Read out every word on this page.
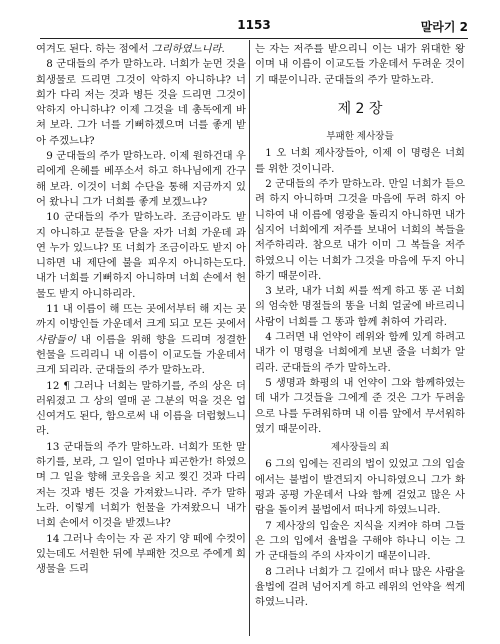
1153	말라기 2

여겨도 된다. 하는 점에서 그리하였느니라.

8 군대들의 주가 말하노라. 너희가 눈먼 것을 희생물로 드리면 그것이 악하지 아니하냐? 너희가 다리 저는 것과 병든 것을 드리면 그것이 악하지 아니하냐? 이제 그것을 네 총독에게 바쳐 보라. 그가 너를 기뻐하겠으며 너를 좋게 받아 주겠느냐?

9 군대들의 주가 말하노라. 이제 원하건대 우리에게 은혜를 베푸소서 하고 하나님에게 간구해 보라. 이것이 너희 수단을 통해 지금까지 있어 왔나니 그가 너희를 좋게 보겠느냐?

10 군대들의 주가 말하노라. 조금이라도 받지 아니하고 문들을 닫을 자가 너희 가운데 과연 누가 있느냐? 또 너희가 조금이라도 받지 아니하면 내 제단에 불을 피우지 아니하는도다. 내가 너희를 기뻐하지 아니하며 너희 손에서 헌물도 받지 아니하리라.

11 내 이름이 해 뜨는 곳에서부터 해 지는 곳까지 이방인들 가운데서 크게 되고 모든 곳에서 사람들이 내 이름을 위해 향을 드리며 정결한 헌물을 드리리니 내 이름이 이교도들 가운데서 크게 되리라. 군대들의 주가 말하노라.

12 ¶ 그러나 너희는 말하기를, 주의 상은 더러워졌고 그 상의 열매 곧 그분의 먹을 것은 업신여겨도 된다, 함으로써 내 이름을 더럽혔느니라.

13 군대들의 주가 말하노라. 너희가 또한 말하기를, 보라, 그 일이 얼마나 피곤한가! 하였으며 그 일을 향해 코웃음을 치고 찢긴 것과 다리 저는 것과 병든 것을 가져왔느니라. 주가 말하노라. 이렇게 너희가 헌물을 가져왔으니 내가 너희 손에서 이것을 받겠느냐?

14 그러나 속이는 자 곧 자기 양 떼에 수컷이 있는데도 서원한 뒤에 부패한 것으로 주에게 희생물을 드리

는 자는 저주를 받으리니 이는 내가 위대한 왕이며 내 이름이 이교도들 가운데서 두려운 것이기 때문이니라. 군대들의 주가 말하노라.

제 2 장
부패한 제사장들

1 오 너희 제사장들아, 이제 이 명령은 너희를 위한 것이니라.

2 군대들의 주가 말하노라. 만일 너희가 듣으려 하지 아니하며 그것을 마음에 두려 하지 아니하여 내 이름에 영광을 돌리지 아니하면 내가 심지어 너희에게 저주를 보내어 너희의 복들을 저주하리라. 참으로 내가 이미 그 복들을 저주하였으니 이는 너희가 그것을 마음에 두지 아니하기 때문이라.

3 보라, 내가 너희 씨를 썩게 하고 똥 곧 너희의 엄숙한 명절들의 똥을 너희 얼굴에 바르리니 사람이 너희를 그 똥과 함께 취하여 가리라.

4 그러면 내 언약이 레위와 함께 있게 하려고 내가 이 명령을 너희에게 보낸 줄을 너희가 알리라. 군대들의 주가 말하노라.

5 생명과 화평의 내 언약이 그와 함께하였는데 내가 그것들을 그에게 준 것은 그가 두려움으로 나를 두려워하며 내 이름 앞에서 무서워하였기 때문이라.

제사장들의 죄

6 그의 입에는 진리의 법이 있었고 그의 입술에서는 불법이 발견되지 아니하였으니 그가 화평과 공평 가운데서 나와 함께 걸었고 많은 사람을 돌이켜 불법에서 떠나게 하였느니라.

7 제사장의 입술은 지식을 지켜야 하며 그들은 그의 입에서 율법을 구해야 하나니 이는 그가 군대들의 주의 사자이기 때문이니라.

8 그러나 너희가 그 길에서 떠나 많은 사람을 율법에 걸려 넘어지게 하고 레위의 언약을 썩게 하였느니라.
